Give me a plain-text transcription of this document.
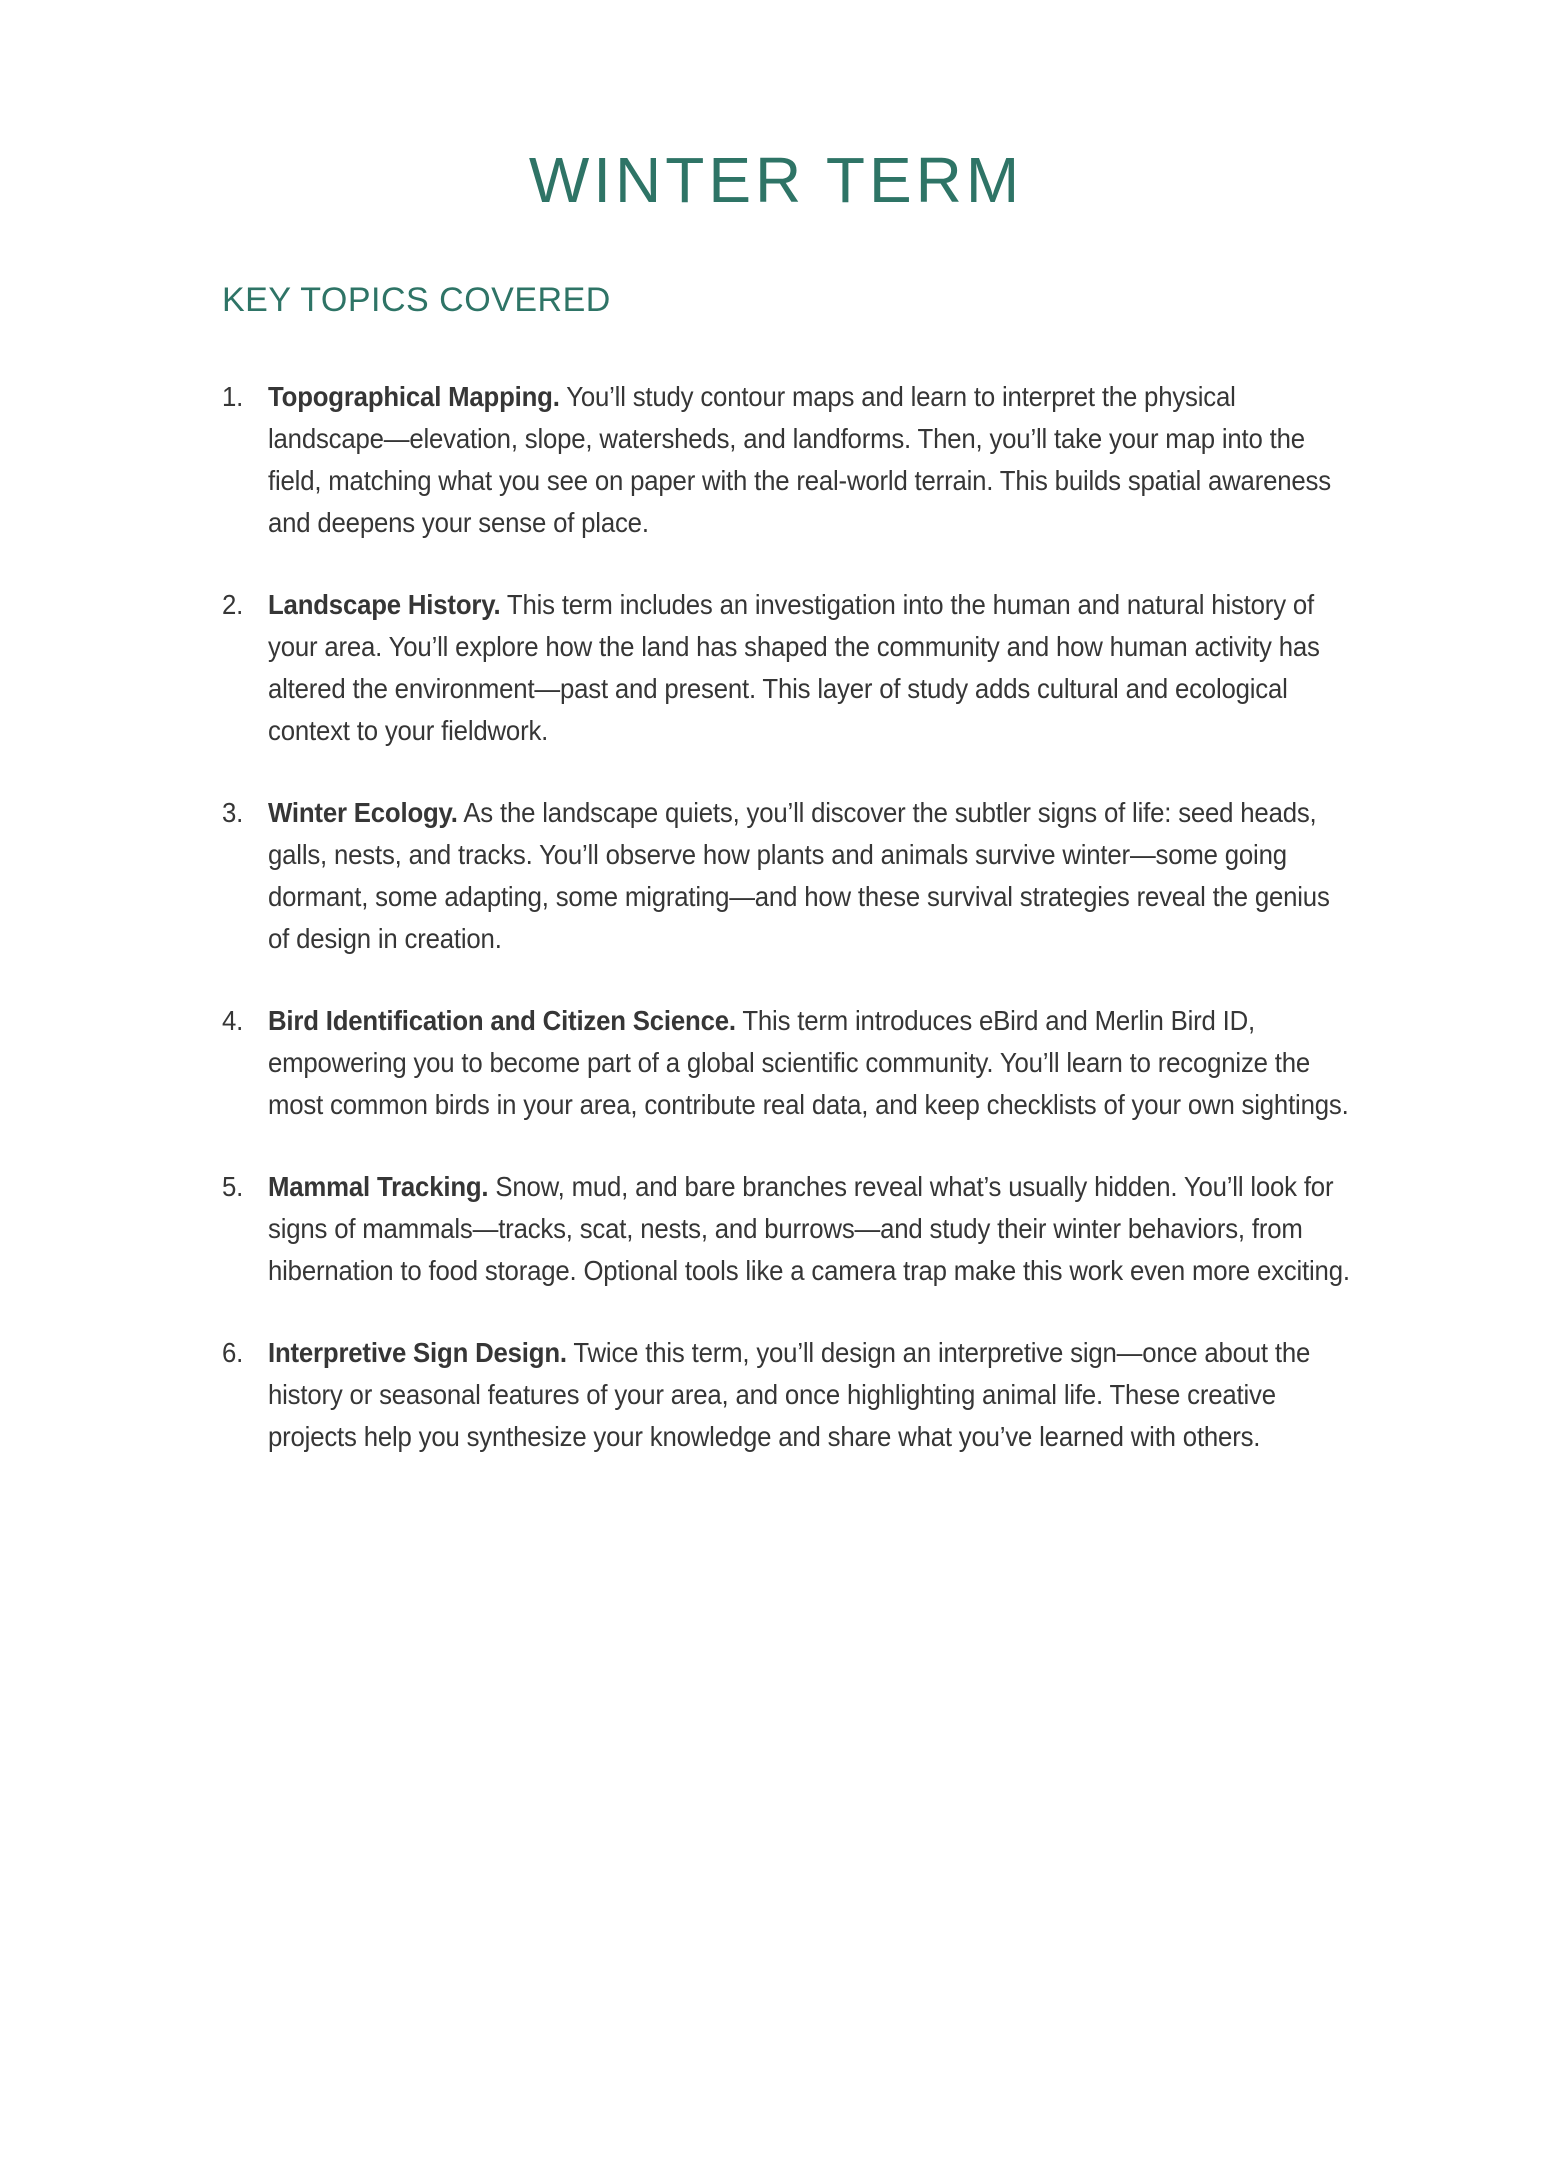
WINTER TERM
KEY TOPICS COVERED
1. Topographical Mapping. You’ll study contour maps and learn to interpret the physical landscape—elevation, slope, watersheds, and landforms. Then, you’ll take your map into the field, matching what you see on paper with the real-world terrain. This builds spatial awareness and deepens your sense of place.
2. Landscape History. This term includes an investigation into the human and natural history of your area. You’ll explore how the land has shaped the community and how human activity has altered the environment—past and present. This layer of study adds cultural and ecological context to your fieldwork.
3. Winter Ecology. As the landscape quiets, you’ll discover the subtler signs of life: seed heads, galls, nests, and tracks. You’ll observe how plants and animals survive winter—some going dormant, some adapting, some migrating—and how these survival strategies reveal the genius of design in creation.
4. Bird Identification and Citizen Science. This term introduces eBird and Merlin Bird ID, empowering you to become part of a global scientific community. You’ll learn to recognize the most common birds in your area, contribute real data, and keep checklists of your own sightings.
5. Mammal Tracking. Snow, mud, and bare branches reveal what’s usually hidden. You’ll look for signs of mammals—tracks, scat, nests, and burrows—and study their winter behaviors, from hibernation to food storage. Optional tools like a camera trap make this work even more exciting.
6. Interpretive Sign Design. Twice this term, you’ll design an interpretive sign—once about the history or seasonal features of your area, and once highlighting animal life. These creative projects help you synthesize your knowledge and share what you’ve learned with others.
